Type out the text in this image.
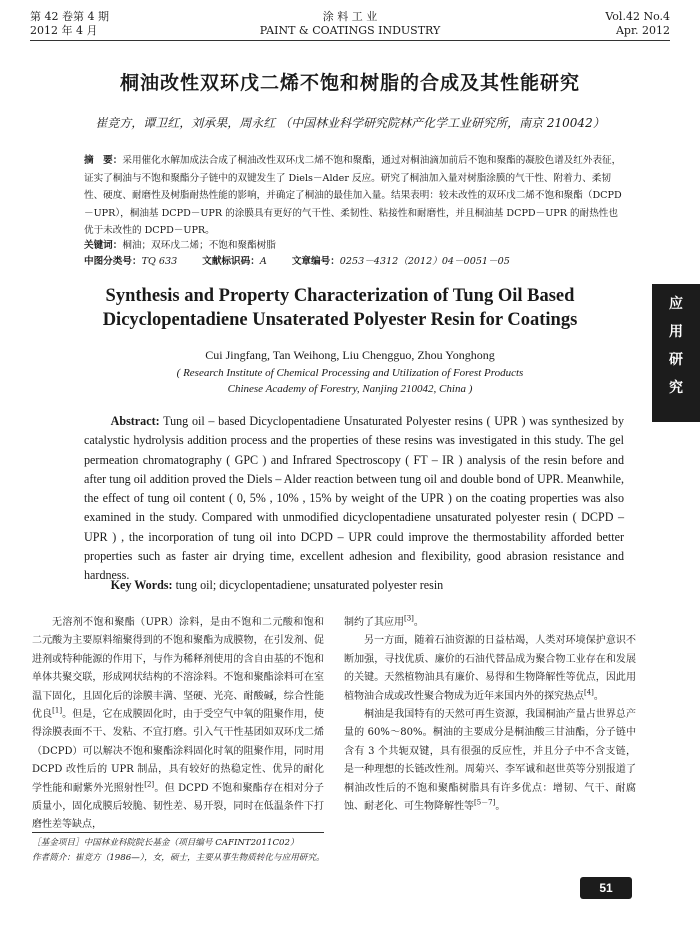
第 42 卷第 4 期
2012 年 4 月
涂 料 工 业
PAINT & COATINGS INDUSTRY
Vol.42 No.4
Apr. 2012
桐油改性双环戊二烯不饱和树脂的合成及其性能研究
崔竞方，谭卫红，刘承果，周永红 （中国林业科学研究院林产化学工业研究所，南京 210042）
摘　要：采用催化水解加成法合成了桐油改性双环戊二烯不饱和聚酯，通过对桐油滴加前后不饱和聚酯的凝胶色谱及红外表征，证实了桐油与不饱和聚酯分子链中的双键发生了 Diels－Alder 反应。研究了桐油加入量对树脂涂膜的气干性、附着力、柔韧性、硬度、耐磨性及树脂耐热性能的影响，并确定了桐油的最佳加入量。结果表明：较未改性的双环戊二烯不饱和聚酯（DCPD－UPR），桐油基 DCPD－UPR 的涂膜具有更好的气干性、柔韧性、粘接性和耐磨性，并且桐油基 DCPD－UPR 的耐热性也优于未改性的 DCPD－UPR。
关键词：桐油；双环戊二烯；不饱和聚酯树脂
中图分类号：TQ 633	文献标识码：A	文章编号：0253－4312（2012）04－0051－05
Synthesis and Property Characterization of Tung Oil Based Dicyclopentadiene Unsaterated Polyester Resin for Coatings
Cui Jingfang, Tan Weihong, Liu Chengguo, Zhou Yonghong
( Research Institute of Chemical Processing and Utilization of Forest Products
Chinese Academy of Forestry, Nanjing 210042, China )
Abstract: Tung oil – based Dicyclopentadiene Unsaturated Polyester resins ( UPR ) was synthesized by catalystic hydrolysis addition process and the properties of these resins was investigated in this study. The gel permeation chromatography ( GPC ) and Infrared Spectroscopy ( FT – IR ) analysis of the resin before and after tung oil addition proved the Diels – Alder reaction between tung oil and double bond of UPR. Meanwhile, the effect of tung oil content ( 0, 5% , 10% , 15% by weight of the UPR ) on the coating properties was also examined in the study. Compared with unmodified dicyclopentadiene unsaturated polyester resin ( DCPD – UPR ) , the incorporation of tung oil into DCPD – UPR could improve the thermostability afforded better properties such as faster air drying time, excellent adhesion and flexibility, good abrasion resistance and hardness.
Key Words: tung oil; dicyclopentadiene; unsaturated polyester resin

无溶剂不饱和聚酯（UPR）涂料，是由不饱和二元酸和饱和二元酸为主要原料缩聚得到的不饱和聚酯为成膜物，在引发剂、促进剂或特种能源的作用下，与作为稀释剂使用的含自由基的不饱和单体共聚交联，形成网状结构的不溶涂料。不饱和聚酯涂料可在室温下固化，且固化后的涂膜丰满、坚硬、光亮、耐酸碱，综合性能优良[1]。但是，它在成膜固化时，由于受空气中氧的阻聚作用，使得涂膜表面不干、发粘、不宜打磨。引入气干性基团如双环戊二烯（DCPD）可以解决不饱和聚酯涂料固化时氧的阻聚作用，同时用 DCPD 改性后的 UPR 制品，具有较好的热稳定性、优异的耐化学性能和耐紫外光照射性[2]。但 DCPD 不饱和聚酯存在相对分子质量小，固化成膜后较脆、韧性差、易开裂，同时在低温条件下打磨性差等缺点，

制约了其应用[3]。

另一方面，随着石油资源的日益枯竭，人类对环境保护意识不断加强，寻找优质、廉价的石油代替品成为聚合物工业存在和发展的关键。天然植物油具有廉价、易得和生物降解性等优点，因此用植物油合成或改性聚合物成为近年来国内外的探究热点[4]。

桐油是我国特有的天然可再生资源，我国桐油产量占世界总产量的 60%～80%。桐油的主要成分是桐油酸三甘油酯，分子链中含有 3 个共轭双键，具有很强的反应性，并且分子中不含支链，是一种理想的长链改性剂。周菊兴、李军诚和赵世英等分别报道了桐油改性后的不饱和聚酯树脂具有许多优点：增韧、气干、耐腐蚀、耐老化、可生物降解性等[5－7]。

［基金项目］中国林业科院院长基金（项目编号 CAFINT2011C02）
作者简介：崔竞方（1986—），女，硕士，主要从事生物质转化与应用研究。
应
用
研
究
51
